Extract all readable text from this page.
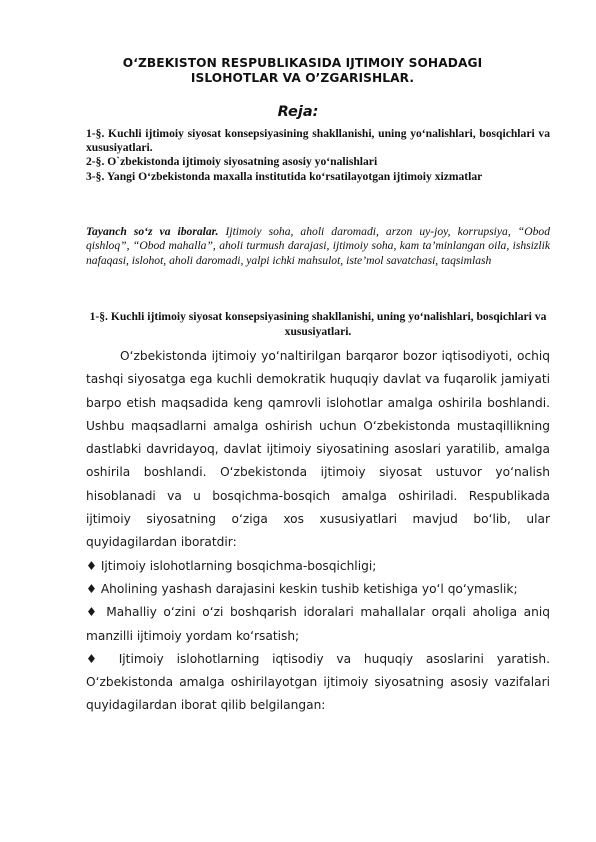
OʻZBEKISTON RESPUBLIKASIDA IJTIMOIY SOHADAGI
ISLOHOTLAR VA O’ZGARISHLAR.
Reja:

1-§. Kuchli ijtimoiy siyosat konsepsiyasining shakllanishi, uning yo‘nalishlari, bosqichlari va xususiyatlari.

2-§. O`zbekistonda ijtimoiy siyosatning asosiy yo‘nalishlari

3-§. Yangi O‘zbekistonda maxalla institutida ko‘rsatilayotgan ijtimoiy xizmatlar

Tayanch so‘z va iboralar. Ijtimoiy soha, aholi daromadi, arzon uy-joy, korrupsiya, “Obod qishloq”, “Obod mahalla”, aholi turmush darajasi, ijtimoiy soha, kam ta’minlangan oila, ishsizlik nafaqasi, islohot, aholi daromadi, yalpi ichki mahsulot, iste’mol savatchasi, taqsimlash
1-§. Kuchli ijtimoiy siyosat konsepsiyasining shakllanishi, uning yo‘nalishlari, bosqichlari va xususiyatlari.

O‘zbekistonda ijtimoiy yo‘naltirilgan barqaror bozor iqtisodiyoti, ochiq tashqi siyosatga ega kuchli demokratik huquqiy davlat va fuqarolik jamiyati barpo etish maqsadida keng qamrovli islohotlar amalga oshirila boshlandi. Ushbu maqsadlarni amalga oshirish uchun O‘zbekistonda mustaqillikning dastlabki davridayoq, davlat ijtimoiy siyosatining asoslari yaratilib, amalga oshirila boshlandi. O‘zbekistonda ijtimoiy siyosat ustuvor yo‘nalish hisoblanadi va u bosqichma-bosqich amalga oshiriladi. Respublikada ijtimoiy siyosatning o‘ziga xos xususiyatlari mavjud bo‘lib, ular quyidagilardan iboratdir:

♦ Ijtimoiy islohotlarning bosqichma-bosqichligi;

♦ Aholining yashash darajasini keskin tushib ketishiga yo‘l qo‘ymaslik;

♦ Mahalliy o‘zini o‘zi boshqarish idoralari mahallalar orqali aholiga aniq manzilli ijtimoiy yordam ko‘rsatish;

♦ Ijtimoiy islohotlarning iqtisodiy va huquqiy asoslarini yaratish. O‘zbekistonda amalga oshirilayotgan ijtimoiy siyosatning asosiy vazifalari quyidagilardan iborat qilib belgilangan:
